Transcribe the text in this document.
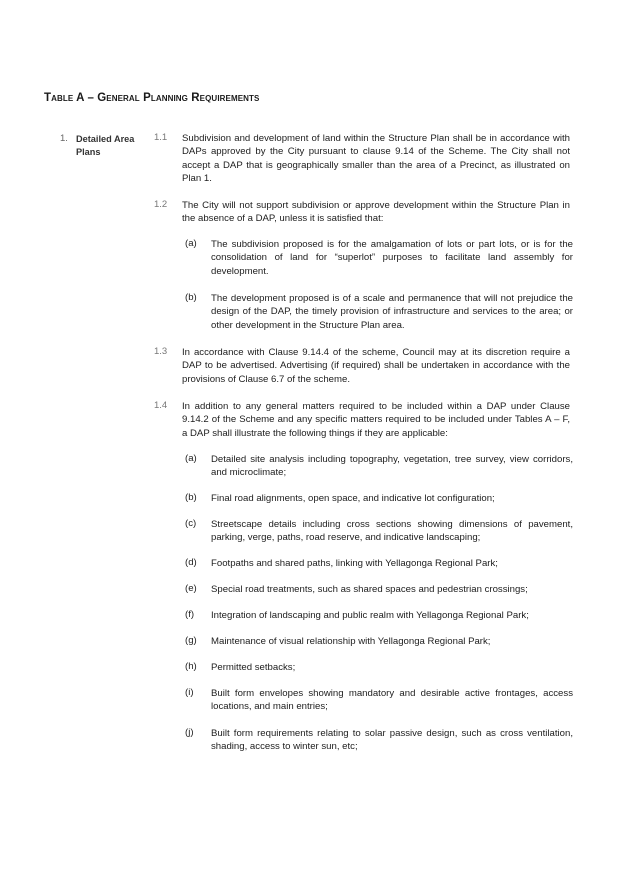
Table A – General Planning Requirements
1. Detailed Area Plans
1.1 Subdivision and development of land within the Structure Plan shall be in accordance with DAPs approved by the City pursuant to clause 9.14 of the Scheme. The City shall not accept a DAP that is geographically smaller than the area of a Precinct, as illustrated on Plan 1.
1.2 The City will not support subdivision or approve development within the Structure Plan in the absence of a DAP, unless it is satisfied that:
(a) The subdivision proposed is for the amalgamation of lots or part lots, or is for the consolidation of land for “superlot” purposes to facilitate land assembly for development.
(b) The development proposed is of a scale and permanence that will not prejudice the design of the DAP, the timely provision of infrastructure and services to the area; or other development in the Structure Plan area.
1.3 In accordance with Clause 9.14.4 of the scheme, Council may at its discretion require a DAP to be advertised. Advertising (if required) shall be undertaken in accordance with the provisions of Clause 6.7 of the scheme.
1.4 In addition to any general matters required to be included within a DAP under Clause 9.14.2 of the Scheme and any specific matters required to be included under Tables A – F, a DAP shall illustrate the following things if they are applicable:
(a) Detailed site analysis including topography, vegetation, tree survey, view corridors, and microclimate;
(b) Final road alignments, open space, and indicative lot configuration;
(c) Streetscape details including cross sections showing dimensions of pavement, parking, verge, paths, road reserve, and indicative landscaping;
(d) Footpaths and shared paths, linking with Yellagonga Regional Park;
(e) Special road treatments, such as shared spaces and pedestrian crossings;
(f) Integration of landscaping and public realm with Yellagonga Regional Park;
(g) Maintenance of visual relationship with Yellagonga Regional Park;
(h) Permitted setbacks;
(i) Built form envelopes showing mandatory and desirable active frontages, access locations, and main entries;
(j) Built form requirements relating to solar passive design, such as cross ventilation, shading, access to winter sun, etc;
